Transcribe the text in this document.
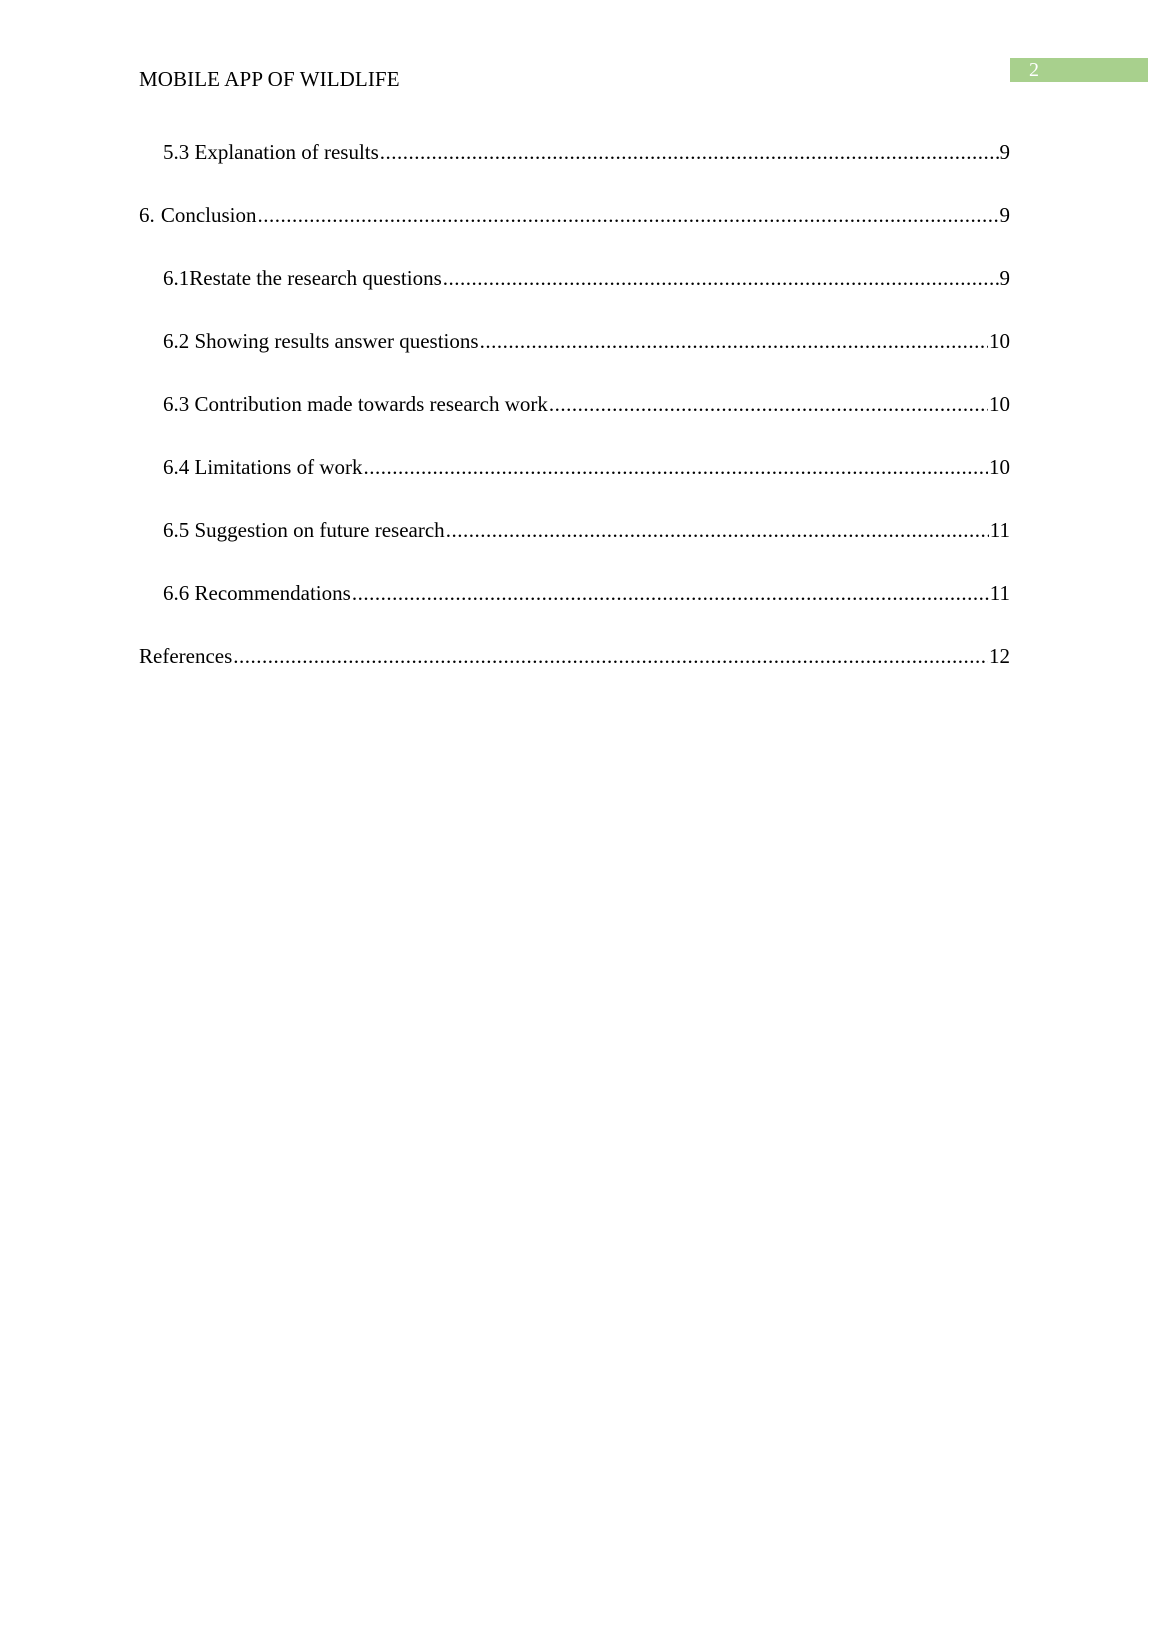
2
MOBILE APP OF WILDLIFE
5.3 Explanation of results .....	9
6. Conclusion .....	9
6.1 Restate the research questions .....	9
6.2 Showing results answer questions .....	10
6.3 Contribution made towards research work .....	10
6.4 Limitations of work .....	10
6.5 Suggestion on future research .....	11
6.6 Recommendations .....	11
References .....	12
